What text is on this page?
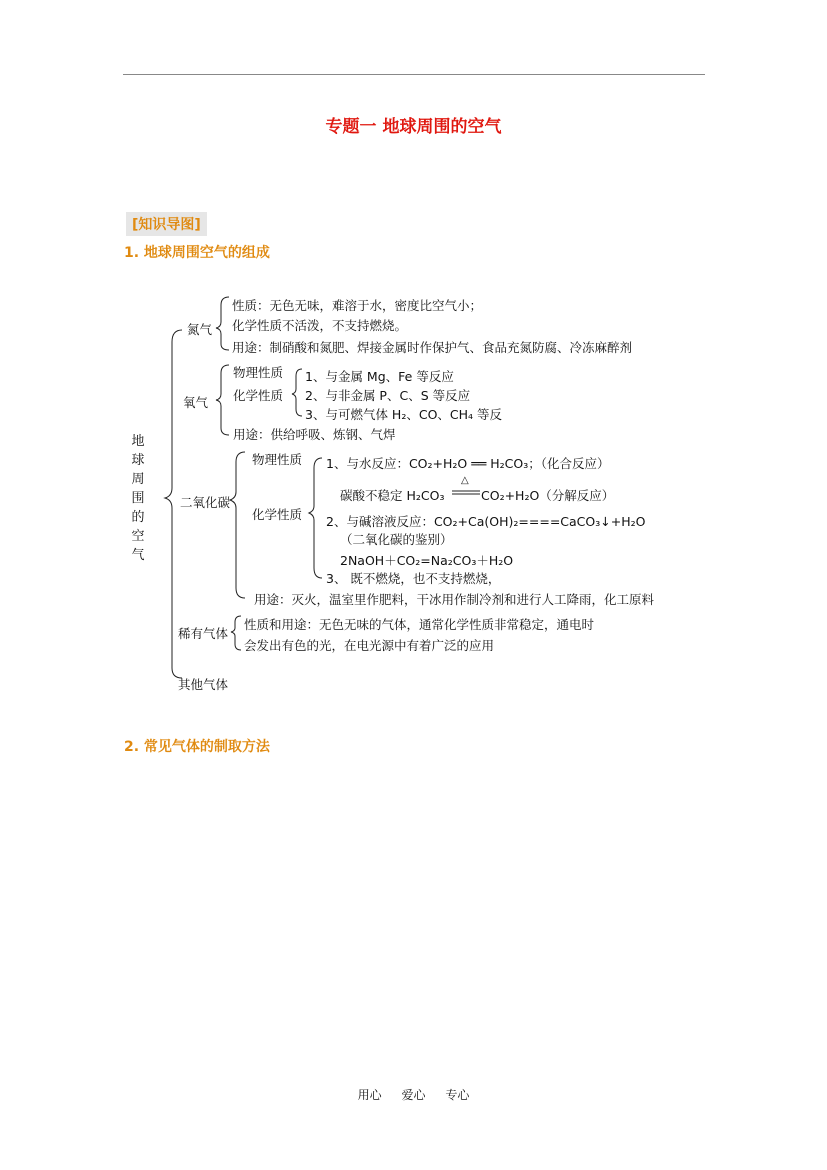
专题一 地球周围的空气
[知识导图]
1. 地球周围空气的组成
地
球
周
围
的
空
气
氮气
性质：无色无味，难溶于水，密度比空气小；
化学性质不活泼，不支持燃烧。
用途：制硝酸和氮肥、焊接金属时作保护气、食品充氮防腐、冷冻麻醉剂
氧气
物理性质
化学性质
1、与金属 Mg、Fe 等反应
2、与非金属 P、C、S 等反应
3、与可燃气体 H₂、CO、CH₄ 等反
用途：供给呼吸、炼钢、气焊
二氧化碳
物理性质
化学性质
1、与水反应：CO₂+H₂O ══ H₂CO₃；（化合反应）
碳酸不稳定 H₂CO₃
△
CO₂+H₂O（分解反应）
2、与碱溶液反应：CO₂+Ca(OH)₂====CaCO₃↓+H₂O
（二氧化碳的鉴别）
2NaOH＋CO₂=Na₂CO₃＋H₂O
3、 既不燃烧，也不支持燃烧，
用途：灭火，温室里作肥料，干冰用作制冷剂和进行人工降雨，化工原料
稀有气体
性质和用途：无色无味的气体，通常化学性质非常稳定，通电时
会发出有色的光，在电光源中有着广泛的应用
其他气体
2. 常见气体的制取方法
用心 爱心 专心
